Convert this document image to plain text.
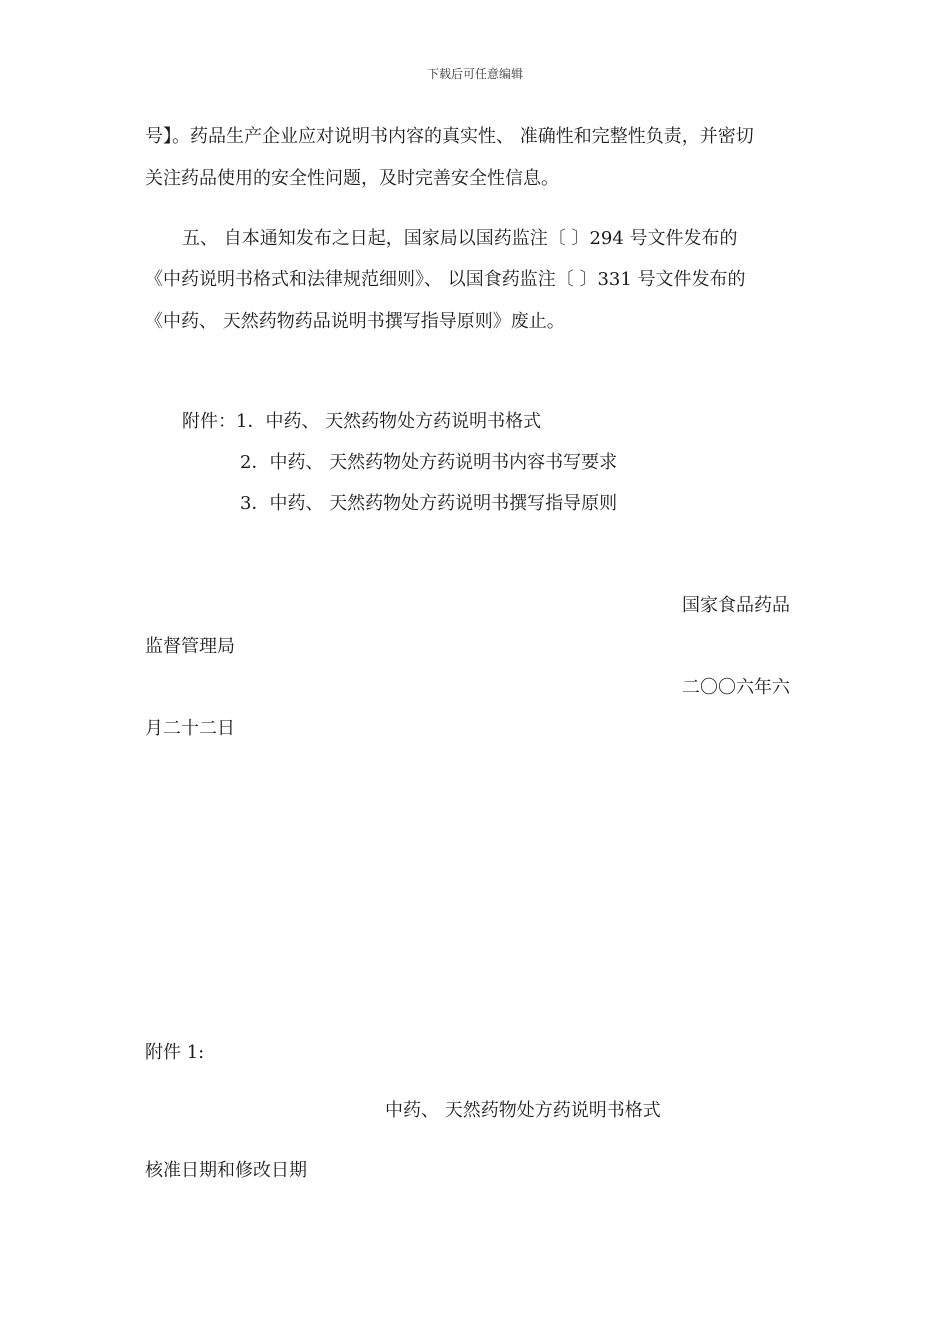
下载后可任意编辑
号】。药品生产企业应对说明书内容的真实性、 准确性和完整性负责，并密切
关注药品使用的安全性问题，及时完善安全性信息。
五、 自本通知发布之日起，国家局以国药监注〔 〕294 号文件发布的
《中药说明书格式和法律规范细则》、 以国食药监注〔 〕331 号文件发布的
《中药、 天然药物药品说明书撰写指导原则》废止。
附件：1．中药、 天然药物处方药说明书格式
2．中药、 天然药物处方药说明书内容书写要求
3．中药、 天然药物处方药说明书撰写指导原则
国家食品药品
监督管理局
二〇〇六年六
月二十二日
附件 1:
中药、 天然药物处方药说明书格式
核准日期和修改日期
